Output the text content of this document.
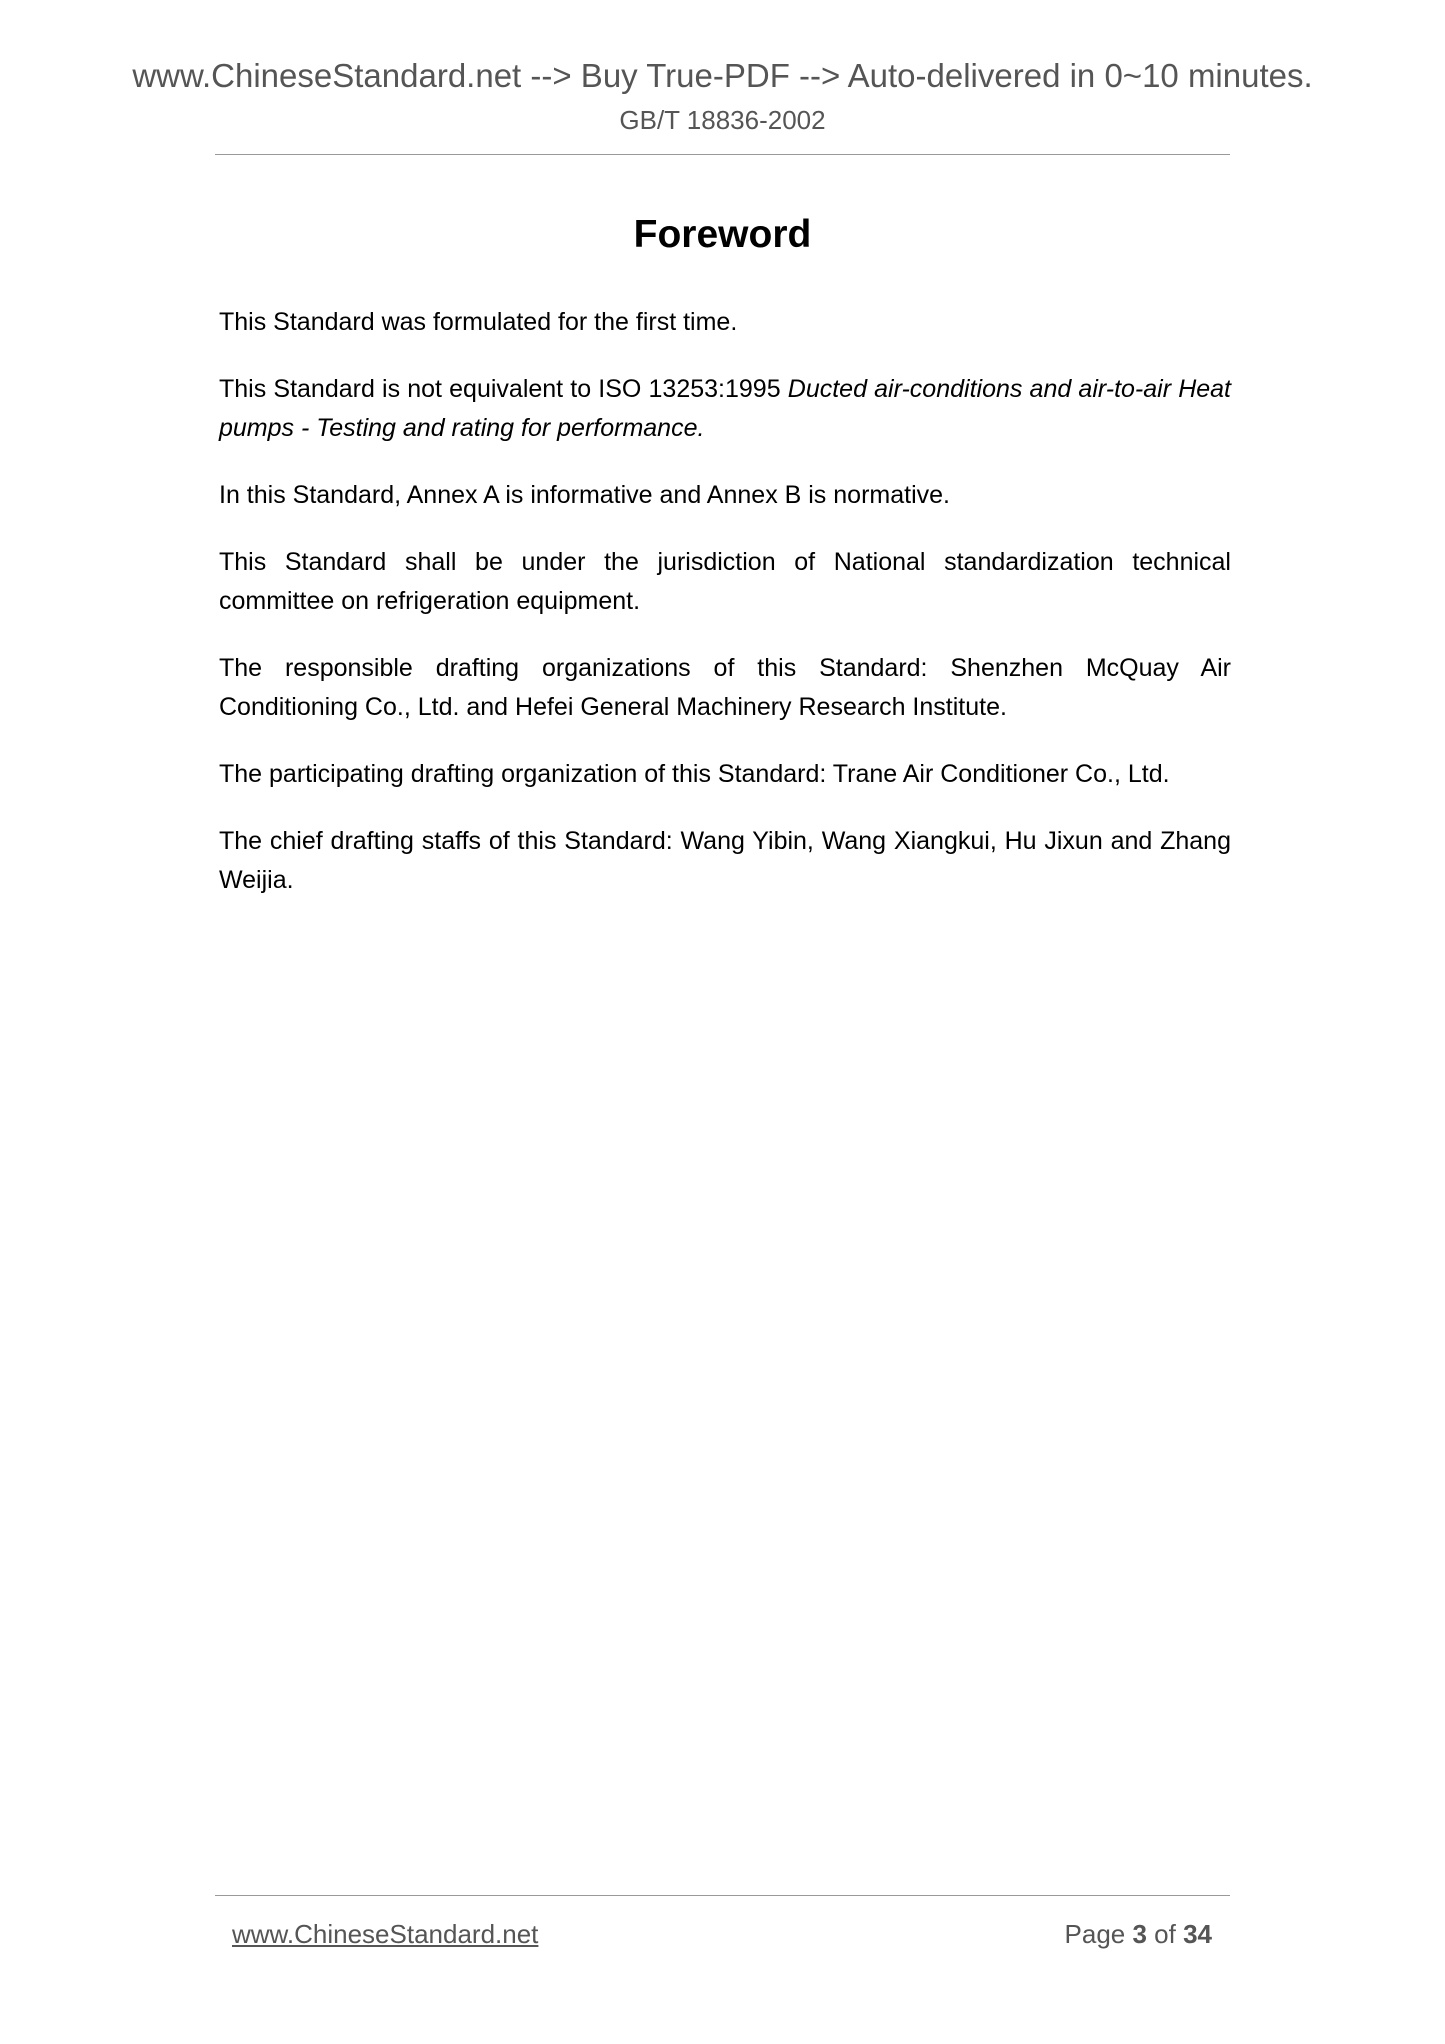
www.ChineseStandard.net --> Buy True-PDF --> Auto-delivered in 0~10 minutes.
GB/T 18836-2002
Foreword

This Standard was formulated for the first time.

This Standard is not equivalent to ISO 13253:1995 Ducted air-conditions and air-to-air Heat pumps - Testing and rating for performance.

In this Standard, Annex A is informative and Annex B is normative.

This Standard shall be under the jurisdiction of National standardization technical committee on refrigeration equipment.

The responsible drafting organizations of this Standard: Shenzhen McQuay Air Conditioning Co., Ltd. and Hefei General Machinery Research Institute.

The participating drafting organization of this Standard: Trane Air Conditioner Co., Ltd.

The chief drafting staffs of this Standard: Wang Yibin, Wang Xiangkui, Hu Jixun and Zhang Weijia.

www.ChineseStandard.net	Page 3 of 34
